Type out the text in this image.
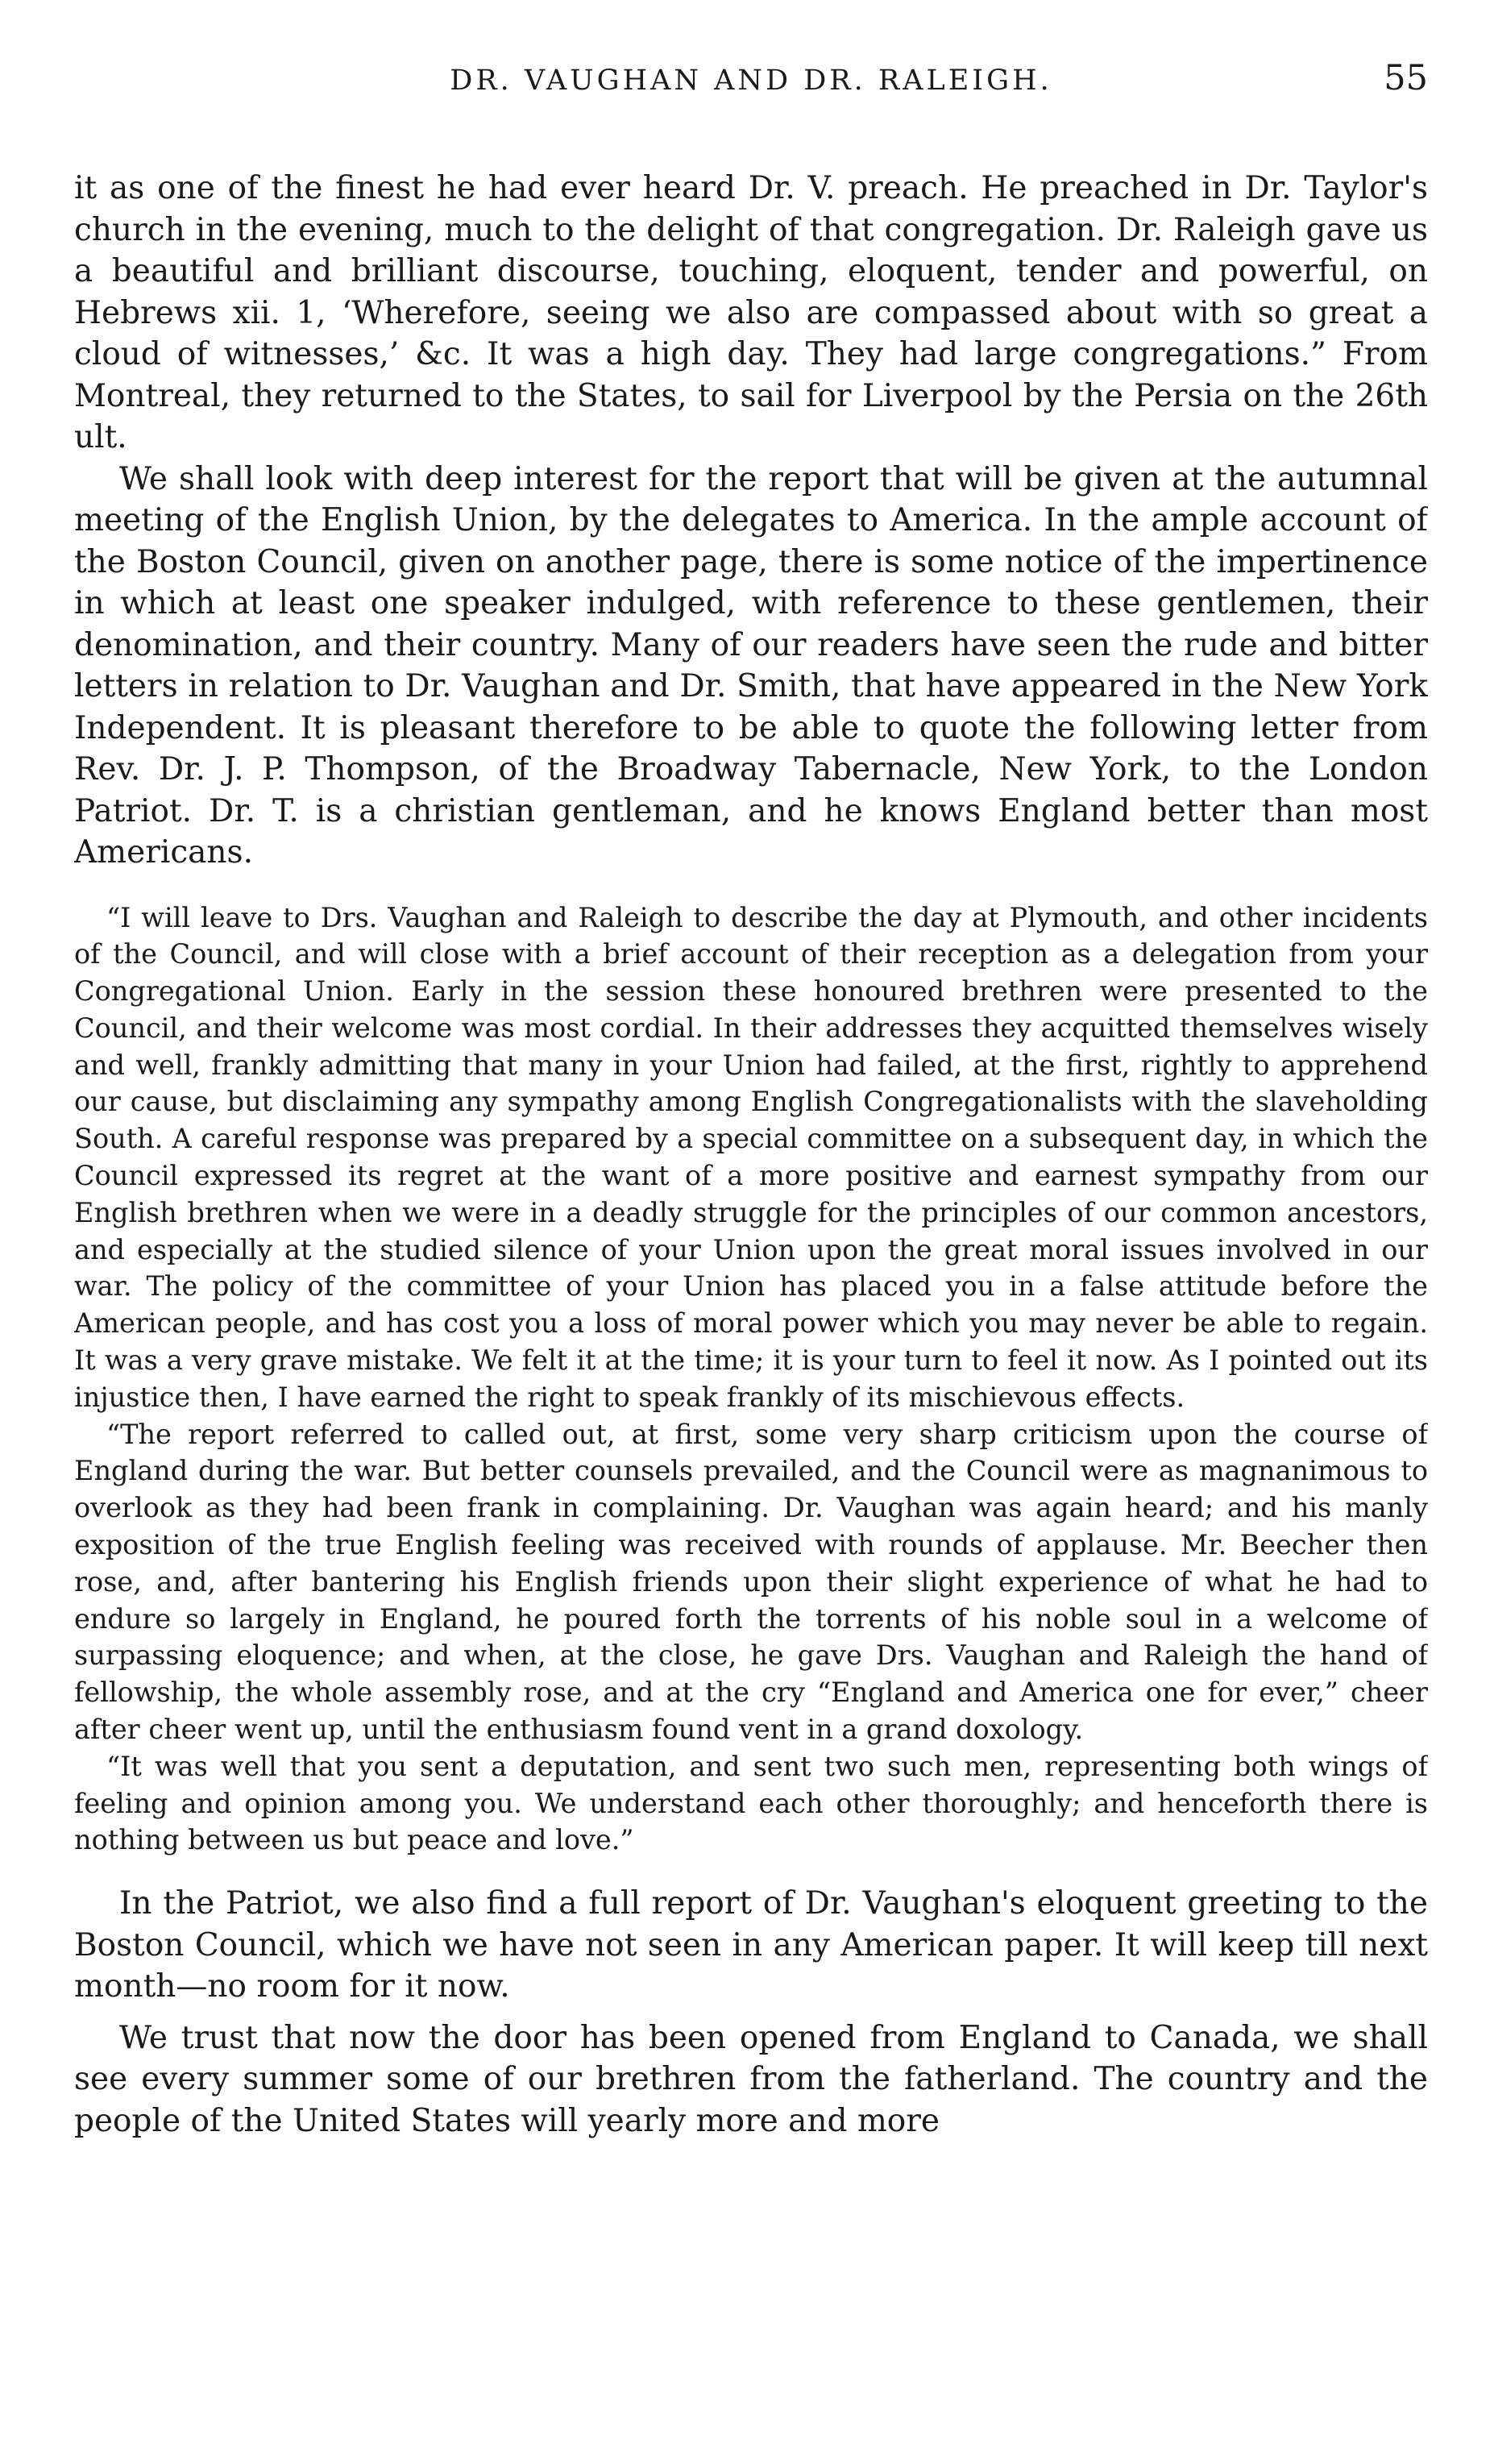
DR. VAUGHAN AND DR. RALEIGH.	55

it as one of the finest he had ever heard Dr. V. preach. He preached in Dr. Taylor's church in the evening, much to the delight of that congregation. Dr. Raleigh gave us a beautiful and brilliant discourse, touching, eloquent, tender and powerful, on Hebrews xii. 1, ‘Wherefore, seeing we also are compassed about with so great a cloud of witnesses,’ &c. It was a high day. They had large congregations.” From Montreal, they returned to the States, to sail for Liverpool by the Persia on the 26th ult.

We shall look with deep interest for the report that will be given at the autumnal meeting of the English Union, by the delegates to America. In the ample account of the Boston Council, given on another page, there is some notice of the impertinence in which at least one speaker indulged, with reference to these gentlemen, their denomination, and their country. Many of our readers have seen the rude and bitter letters in relation to Dr. Vaughan and Dr. Smith, that have appeared in the New York Independent. It is pleasant therefore to be able to quote the following letter from Rev. Dr. J. P. Thompson, of the Broadway Tabernacle, New York, to the London Patriot. Dr. T. is a christian gentleman, and he knows England better than most Americans.

“I will leave to Drs. Vaughan and Raleigh to describe the day at Plymouth, and other incidents of the Council, and will close with a brief account of their reception as a delegation from your Congregational Union. Early in the session these honoured brethren were presented to the Council, and their welcome was most cordial. In their addresses they acquitted themselves wisely and well, frankly admitting that many in your Union had failed, at the first, rightly to apprehend our cause, but disclaiming any sympathy among English Congregationalists with the slaveholding South. A careful response was prepared by a special committee on a subsequent day, in which the Council expressed its regret at the want of a more positive and earnest sympathy from our English brethren when we were in a deadly struggle for the principles of our common ancestors, and especially at the studied silence of your Union upon the great moral issues involved in our war. The policy of the committee of your Union has placed you in a false attitude before the American people, and has cost you a loss of moral power which you may never be able to regain. It was a very grave mistake. We felt it at the time; it is your turn to feel it now. As I pointed out its injustice then, I have earned the right to speak frankly of its mischievous effects.

“The report referred to called out, at first, some very sharp criticism upon the course of England during the war. But better counsels prevailed, and the Council were as magnanimous to overlook as they had been frank in complaining. Dr. Vaughan was again heard; and his manly exposition of the true English feeling was received with rounds of applause. Mr. Beecher then rose, and, after bantering his English friends upon their slight experience of what he had to endure so largely in England, he poured forth the torrents of his noble soul in a welcome of surpassing eloquence; and when, at the close, he gave Drs. Vaughan and Raleigh the hand of fellowship, the whole assembly rose, and at the cry “England and America one for ever,” cheer after cheer went up, until the enthusiasm found vent in a grand doxology.

“It was well that you sent a deputation, and sent two such men, representing both wings of feeling and opinion among you. We understand each other thoroughly; and henceforth there is nothing between us but peace and love.”

In the Patriot, we also find a full report of Dr. Vaughan's eloquent greeting to the Boston Council, which we have not seen in any American paper. It will keep till next month—no room for it now.

We trust that now the door has been opened from England to Canada, we shall see every summer some of our brethren from the fatherland. The country and the people of the United States will yearly more and more
